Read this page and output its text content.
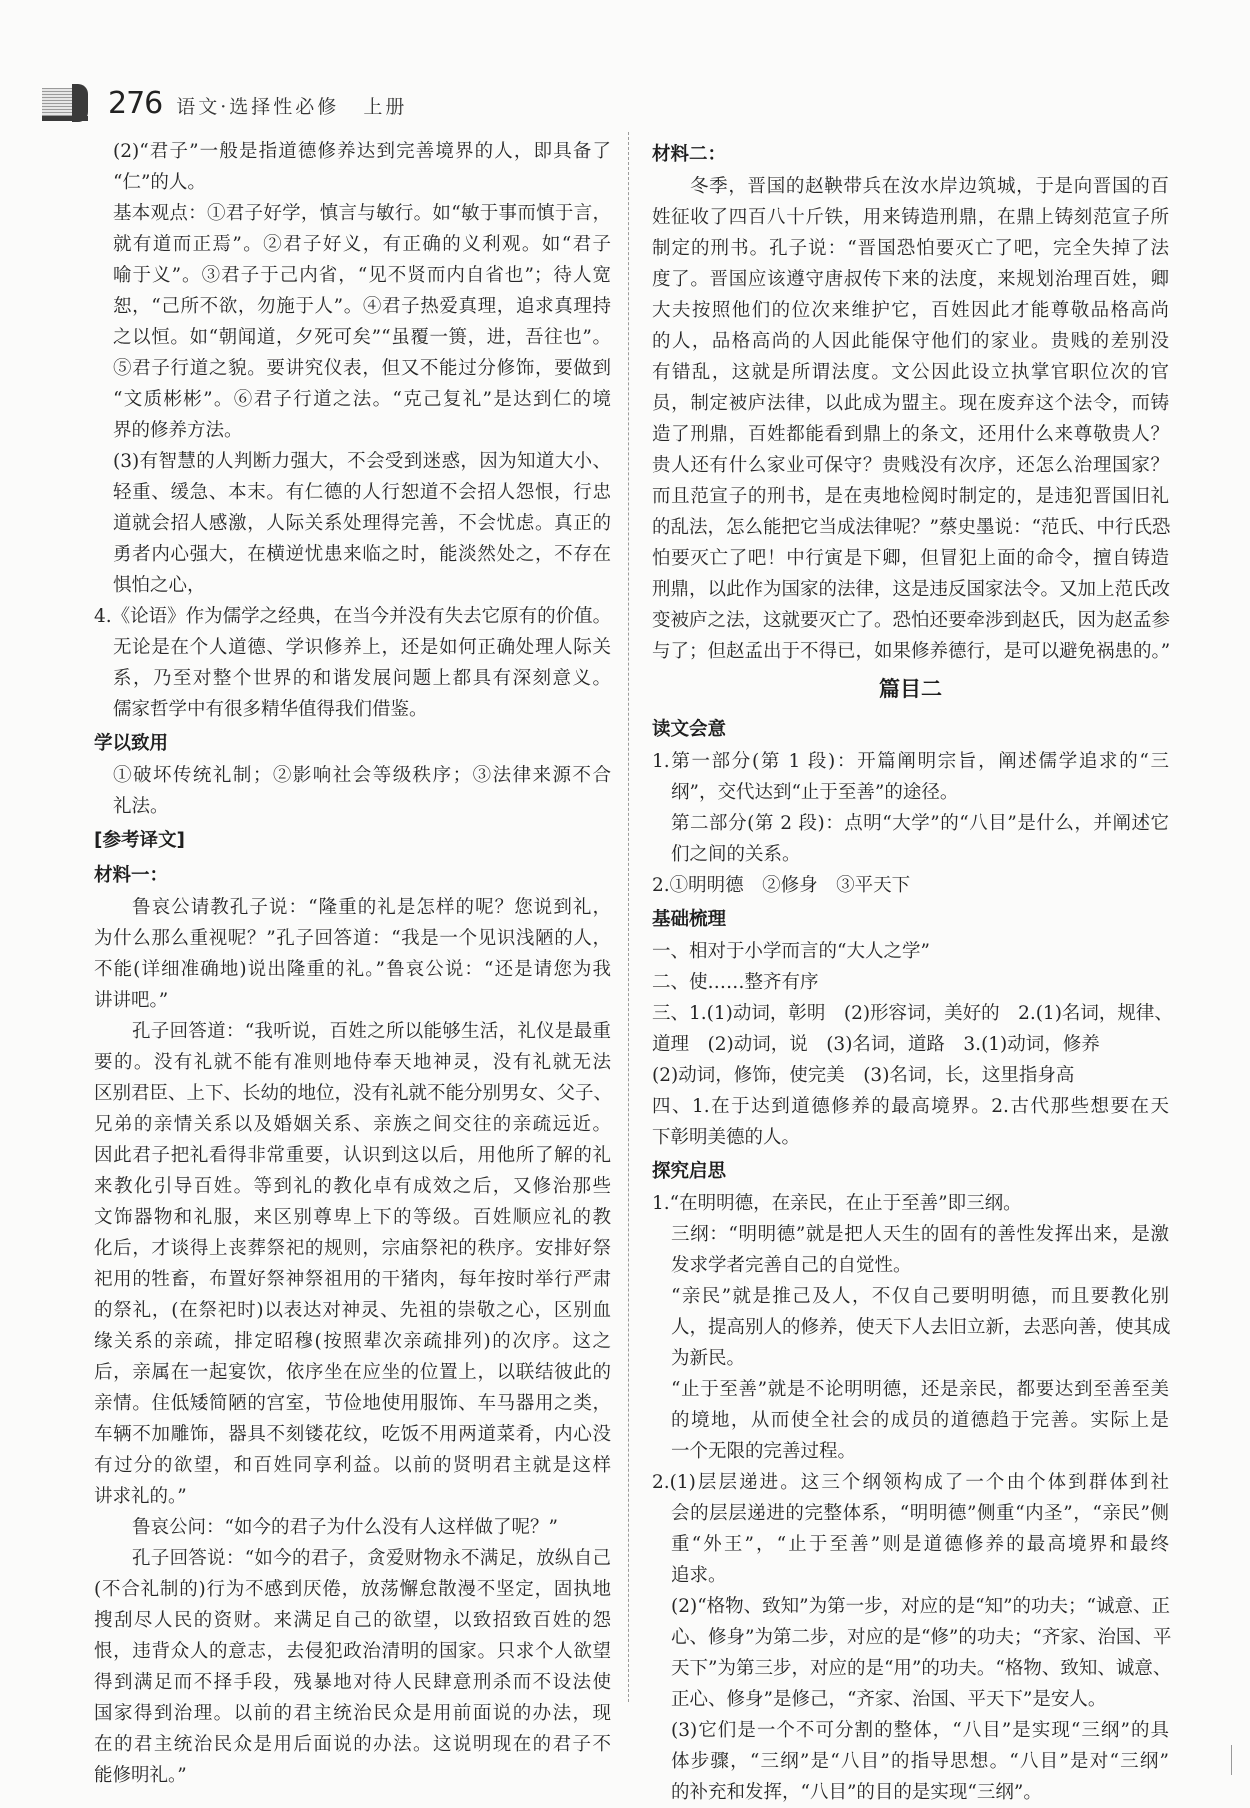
276 语文·选择性必修 上册
(2)“君子”一般是指道德修养达到完善境界的人，即具备了
“仁”的人。
基本观点：①君子好学，慎言与敏行。如“敏于事而慎于言，
就有道而正焉”。②君子好义，有正确的义利观。如“君子
喻于义”。③君子于己内省，“见不贤而内自省也”；待人宽
恕，“己所不欲，勿施于人”。④君子热爱真理，追求真理持
之以恒。如“朝闻道，夕死可矣”“虽覆一篑，进，吾往也”。
⑤君子行道之貌。要讲究仪表，但又不能过分修饰，要做到
“文质彬彬”。⑥君子行道之法。“克己复礼”是达到仁的境
界的修养方法。
(3)有智慧的人判断力强大，不会受到迷惑，因为知道大小、
轻重、缓急、本末。有仁德的人行恕道不会招人怨恨，行忠
道就会招人感激，人际关系处理得完善，不会忧虑。真正的
勇者内心强大，在横逆忧患来临之时，能淡然处之，不存在
惧怕之心，
4.《论语》作为儒学之经典，在当今并没有失去它原有的价值。
无论是在个人道德、学识修养上，还是如何正确处理人际关
系，乃至对整个世界的和谐发展问题上都具有深刻意义。
儒家哲学中有很多精华值得我们借鉴。
学以致用
①破坏传统礼制；②影响社会等级秩序；③法律来源不合
礼法。
[参考译文]
材料一：
鲁哀公请教孔子说：“隆重的礼是怎样的呢？您说到礼，
为什么那么重视呢？”孔子回答道：“我是一个见识浅陋的人，
不能(详细准确地)说出隆重的礼。”鲁哀公说：“还是请您为我
讲讲吧。”
孔子回答道：“我听说，百姓之所以能够生活，礼仪是最重
要的。没有礼就不能有准则地侍奉天地神灵，没有礼就无法
区别君臣、上下、长幼的地位，没有礼就不能分别男女、父子、
兄弟的亲情关系以及婚姻关系、亲族之间交往的亲疏远近。
因此君子把礼看得非常重要，认识到这以后，用他所了解的礼
来教化引导百姓。等到礼的教化卓有成效之后，又修治那些
文饰器物和礼服，来区别尊卑上下的等级。百姓顺应礼的教
化后，才谈得上丧葬祭祀的规则，宗庙祭祀的秩序。安排好祭
祀用的牲畜，布置好祭神祭祖用的干猪肉，每年按时举行严肃
的祭礼，(在祭祀时)以表达对神灵、先祖的崇敬之心，区别血
缘关系的亲疏，排定昭穆(按照辈次亲疏排列)的次序。这之
后，亲属在一起宴饮，依序坐在应坐的位置上，以联结彼此的
亲情。住低矮简陋的宫室，节俭地使用服饰、车马器用之类，
车辆不加雕饰，器具不刻镂花纹，吃饭不用两道菜肴，内心没
有过分的欲望，和百姓同享利益。以前的贤明君主就是这样
讲求礼的。”
鲁哀公问：“如今的君子为什么没有人这样做了呢？”
孔子回答说：“如今的君子，贪爱财物永不满足，放纵自己
(不合礼制的)行为不感到厌倦，放荡懈怠散漫不坚定，固执地
搜刮尽人民的资财。来满足自己的欲望，以致招致百姓的怨
恨，违背众人的意志，去侵犯政治清明的国家。只求个人欲望
得到满足而不择手段，残暴地对待人民肆意刑杀而不设法使
国家得到治理。以前的君主统治民众是用前面说的办法，现
在的君主统治民众是用后面说的办法。这说明现在的君子不
能修明礼。”
材料二：
冬季，晋国的赵鞅带兵在汝水岸边筑城，于是向晋国的百
姓征收了四百八十斤铁，用来铸造刑鼎，在鼎上铸刻范宣子所
制定的刑书。孔子说：“晋国恐怕要灭亡了吧，完全失掉了法
度了。晋国应该遵守唐叔传下来的法度，来规划治理百姓，卿
大夫按照他们的位次来维护它，百姓因此才能尊敬品格高尚
的人，品格高尚的人因此能保守他们的家业。贵贱的差别没
有错乱，这就是所谓法度。文公因此设立执掌官职位次的官
员，制定被庐法律，以此成为盟主。现在废弃这个法令，而铸
造了刑鼎，百姓都能看到鼎上的条文，还用什么来尊敬贵人？
贵人还有什么家业可保守？贵贱没有次序，还怎么治理国家？
而且范宣子的刑书，是在夷地检阅时制定的，是违犯晋国旧礼
的乱法，怎么能把它当成法律呢？”蔡史墨说：“范氏、中行氏恐
怕要灭亡了吧！中行寅是下卿，但冒犯上面的命令，擅自铸造
刑鼎，以此作为国家的法律，这是违反国家法令。又加上范氏改
变被庐之法，这就要灭亡了。恐怕还要牵涉到赵氏，因为赵孟参
与了；但赵孟出于不得已，如果修养德行，是可以避免祸患的。”
篇目二
读文会意
1.第一部分(第 1 段)：开篇阐明宗旨，阐述儒学追求的“三
纲”，交代达到“止于至善”的途径。
第二部分(第 2 段)：点明“大学”的“八目”是什么，并阐述它
们之间的关系。
2.①明明德　②修身　③平天下
基础梳理
一、相对于小学而言的“大人之学”
二、使……整齐有序
三、1.(1)动词，彰明　(2)形容词，美好的　2.(1)名词，规律、
道理　(2)动词，说　(3)名词，道路　3.(1)动词，修养
(2)动词，修饰，使完美　(3)名词，长，这里指身高
四、1.在于达到道德修养的最高境界。2.古代那些想要在天
下彰明美德的人。
探究启思
1.“在明明德，在亲民，在止于至善”即三纲。
三纲：“明明德”就是把人天生的固有的善性发挥出来，是激
发求学者完善自己的自觉性。
“亲民”就是推己及人，不仅自己要明明德，而且要教化别
人，提高别人的修养，使天下人去旧立新，去恶向善，使其成
为新民。
“止于至善”就是不论明明德，还是亲民，都要达到至善至美
的境地，从而使全社会的成员的道德趋于完善。实际上是
一个无限的完善过程。
2.(1)层层递进。这三个纲领构成了一个由个体到群体到社
会的层层递进的完整体系，“明明德”侧重“内圣”，“亲民”侧
重“外王”，“止于至善”则是道德修养的最高境界和最终
追求。
(2)“格物、致知”为第一步，对应的是“知”的功夫；“诚意、正
心、修身”为第二步，对应的是“修”的功夫；“齐家、治国、平
天下”为第三步，对应的是“用”的功夫。“格物、致知、诚意、
正心、修身”是修己，“齐家、治国、平天下”是安人。
(3)它们是一个不可分割的整体，“八目”是实现“三纲”的具
体步骤，“三纲”是“八目”的指导思想。“八目”是对“三纲”
的补充和发挥，“八目”的目的是实现“三纲”。
